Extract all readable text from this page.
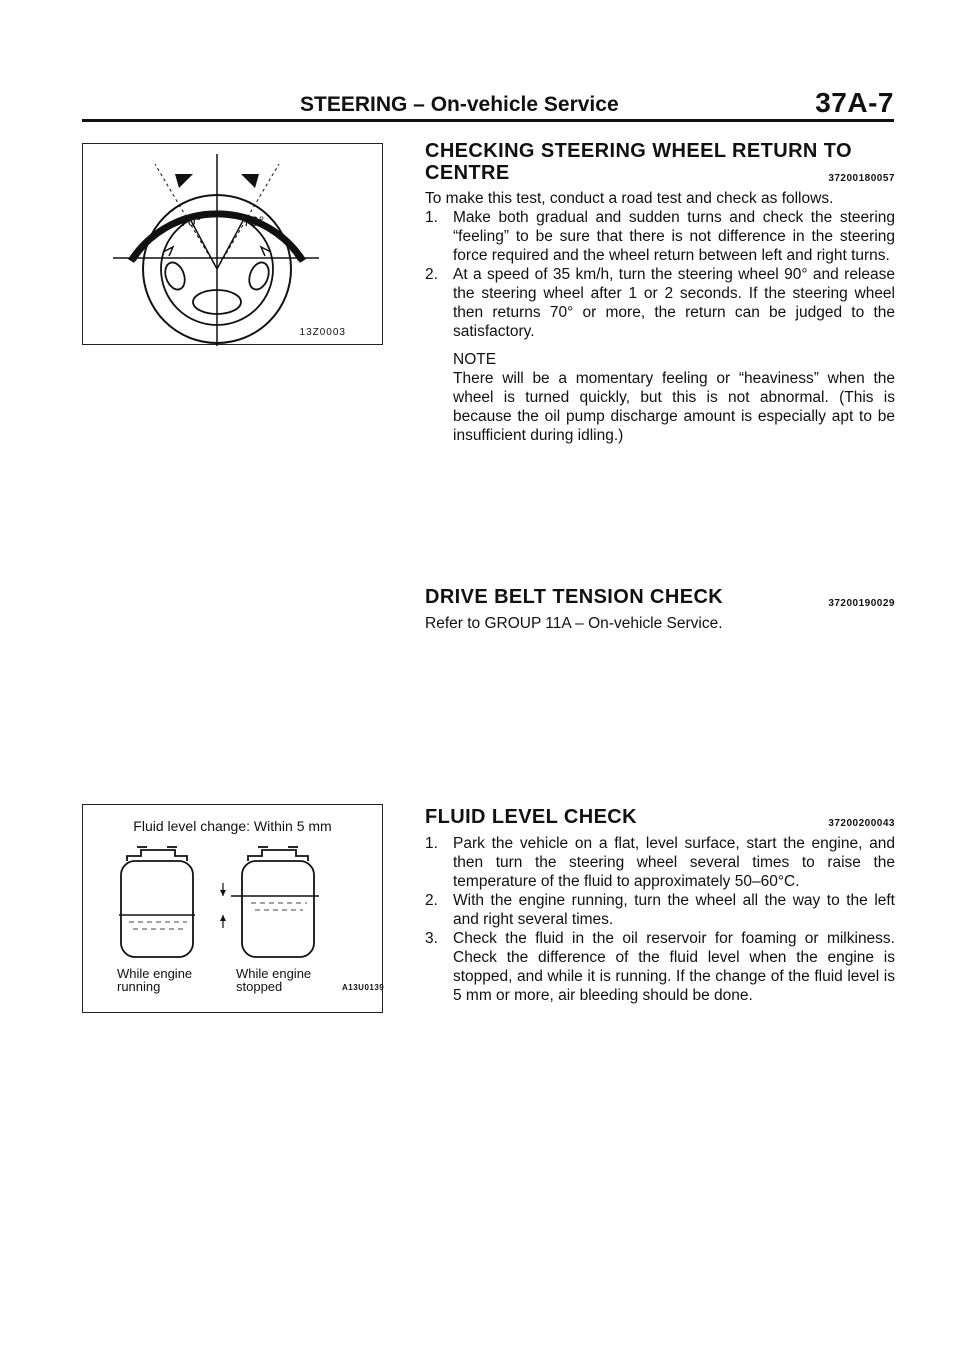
STEERING – On-vehicle Service	37A-7
70°	70°
13Z0003
Fluid level change: Within 5 mm
While engine
running
While engine
stopped	A13U0139
CHECKING STEERING WHEEL RETURN TO
CENTRE	37200180057
To make this test, conduct a road test and check as follows.
1. Make both gradual and sudden turns and check the steering “feeling” to be sure that there is not difference in the steering force required and the wheel return between left and right turns.
2. At a speed of 35 km/h, turn the steering wheel 90° and release the steering wheel after 1 or 2 seconds. If the steering wheel then returns 70° or more, the return can be judged to the satisfactory.
NOTE
There will be a momentary feeling or “heaviness” when the wheel is turned quickly, but this is not abnormal. (This is because the oil pump discharge amount is especially apt to be insufficient during idling.)
DRIVE BELT TENSION CHECK	37200190029
Refer to GROUP 11A – On-vehicle Service.
FLUID LEVEL CHECK	37200200043
1. Park the vehicle on a flat, level surface, start the engine, and then turn the steering wheel several times to raise the temperature of the fluid to approximately 50–60°C.
2. With the engine running, turn the wheel all the way to the left and right several times.
3. Check the fluid in the oil reservoir for foaming or milkiness. Check the difference of the fluid level when the engine is stopped, and while it is running. If the change of the fluid level is 5 mm or more, air bleeding should be done.
